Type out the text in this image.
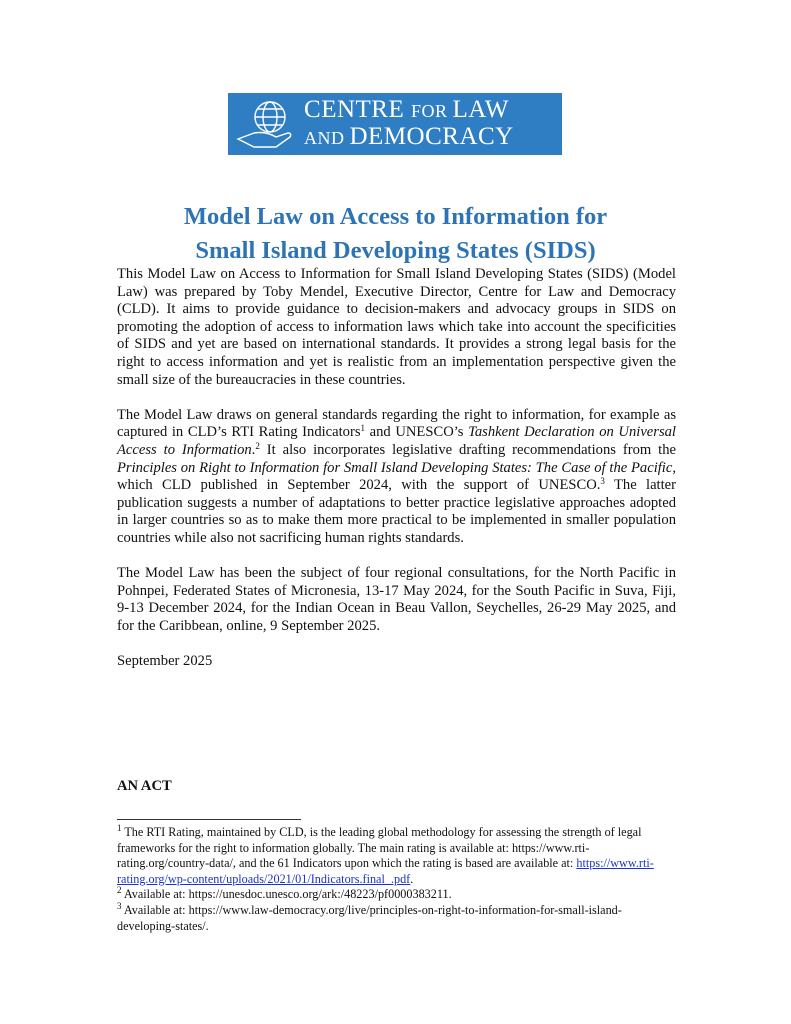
CENTRE FOR LAW
AND DEMOCRACY
Model Law on Access to Information for
Small Island Developing States (SIDS)

This Model Law on Access to Information for Small Island Developing States (SIDS) (Model Law) was prepared by Toby Mendel, Executive Director, Centre for Law and Democracy (CLD). It aims to provide guidance to decision-makers and advocacy groups in SIDS on promoting the adoption of access to information laws which take into account the specificities of SIDS and yet are based on international standards. It provides a strong legal basis for the right to access information and yet is realistic from an implementation perspective given the small size of the bureaucracies in these countries.

The Model Law draws on general standards regarding the right to information, for example as captured in CLD’s RTI Rating Indicators$^1$ and UNESCO’s Tashkent Declaration on Universal Access to Information.$^2$ It also incorporates legislative drafting recommendations from the Principles on Right to Information for Small Island Developing States: The Case of the Pacific, which CLD published in September 2024, with the support of UNESCO.$^3$ The latter publication suggests a number of adaptations to better practice legislative approaches adopted in larger countries so as to make them more practical to be implemented in smaller population countries while also not sacrificing human rights standards.

The Model Law has been the subject of four regional consultations, for the North Pacific in Pohnpei, Federated States of Micronesia, 13-17 May 2024, for the South Pacific in Suva, Fiji, 9-13 December 2024, for the Indian Ocean in Beau Vallon, Seychelles, 26-29 May 2025, and for the Caribbean, online, 9 September 2025.

September 2025

AN ACT
$^1$ The RTI Rating, maintained by CLD, is the leading global methodology for assessing the strength of legal frameworks for the right to information globally. The main rating is available at: https://www.rti-rating.org/country-data/, and the 61 Indicators upon which the rating is based are available at: https://www.rti-rating.org/wp-content/uploads/2021/01/Indicators.final_.pdf.
$^2$ Available at: https://unesdoc.unesco.org/ark:/48223/pf0000383211.
$^3$ Available at: https://www.law-democracy.org/live/principles-on-right-to-information-for-small-island-developing-states/.
